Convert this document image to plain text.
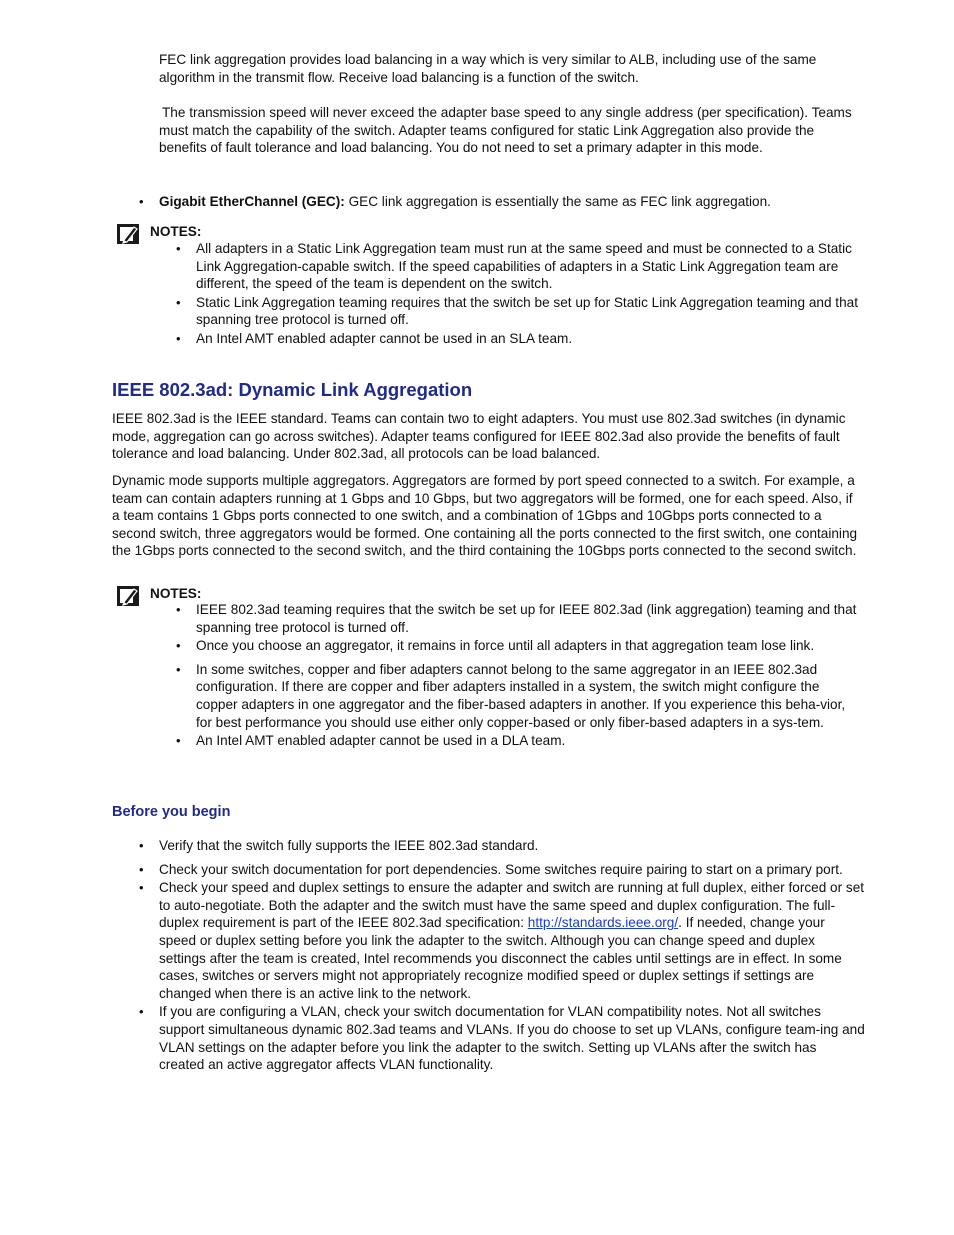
FEC link aggregation provides load balancing in a way which is very similar to ALB, including use of the same algorithm in the transmit flow. Receive load balancing is a function of the switch.

The transmission speed will never exceed the adapter base speed to any single address (per specification). Teams must match the capability of the switch. Adapter teams configured for static Link Aggregation also provide the benefits of fault tolerance and load balancing. You do not need to set a primary adapter in this mode.

• Gigabit EtherChannel (GEC): GEC link aggregation is essentially the same as FEC link aggregation.
NOTES:
• All adapters in a Static Link Aggregation team must run at the same speed and must be connected to a Static Link Aggregation-capable switch. If the speed capabilities of adapters in a Static Link Aggregation team are different, the speed of the team is dependent on the switch.
• Static Link Aggregation teaming requires that the switch be set up for Static Link Aggregation teaming and that spanning tree protocol is turned off.
• An Intel AMT enabled adapter cannot be used in an SLA team.
IEEE 802.3ad: Dynamic Link Aggregation

IEEE 802.3ad is the IEEE standard. Teams can contain two to eight adapters. You must use 802.3ad switches (in dynamic mode, aggregation can go across switches). Adapter teams configured for IEEE 802.3ad also provide the benefits of fault tolerance and load balancing. Under 802.3ad, all protocols can be load balanced.

Dynamic mode supports multiple aggregators. Aggregators are formed by port speed connected to a switch. For example, a team can contain adapters running at 1 Gbps and 10 Gbps, but two aggregators will be formed, one for each speed. Also, if a team contains 1 Gbps ports connected to one switch, and a combination of 1Gbps and 10Gbps ports connected to a second switch, three aggregators would be formed. One containing all the ports connected to the first switch, one containing the 1Gbps ports connected to the second switch, and the third containing the 10Gbps ports connected to the second switch.

NOTES:
• IEEE 802.3ad teaming requires that the switch be set up for IEEE 802.3ad (link aggregation) teaming and that spanning tree protocol is turned off.
• Once you choose an aggregator, it remains in force until all adapters in that aggregation team lose link.
• In some switches, copper and fiber adapters cannot belong to the same aggregator in an IEEE 802.3ad configuration. If there are copper and fiber adapters installed in a system, the switch might configure the copper adapters in one aggregator and the fiber-based adapters in another. If you experience this beha-vior, for best performance you should use either only copper-based or only fiber-based adapters in a sys-tem.
• An Intel AMT enabled adapter cannot be used in a DLA team.
Before you begin
• Verify that the switch fully supports the IEEE 802.3ad standard.
• Check your switch documentation for port dependencies. Some switches require pairing to start on a primary port.
• Check your speed and duplex settings to ensure the adapter and switch are running at full duplex, either forced or set to auto-negotiate. Both the adapter and the switch must have the same speed and duplex configuration. The full-duplex requirement is part of the IEEE 802.3ad specification: http://standards.ieee.org/. If needed, change your speed or duplex setting before you link the adapter to the switch. Although you can change speed and duplex settings after the team is created, Intel recommends you disconnect the cables until settings are in effect. In some cases, switches or servers might not appropriately recognize modified speed or duplex settings if settings are changed when there is an active link to the network.
• If you are configuring a VLAN, check your switch documentation for VLAN compatibility notes. Not all switches support simultaneous dynamic 802.3ad teams and VLANs. If you do choose to set up VLANs, configure team-ing and VLAN settings on the adapter before you link the adapter to the switch. Setting up VLANs after the switch has created an active aggregator affects VLAN functionality.
